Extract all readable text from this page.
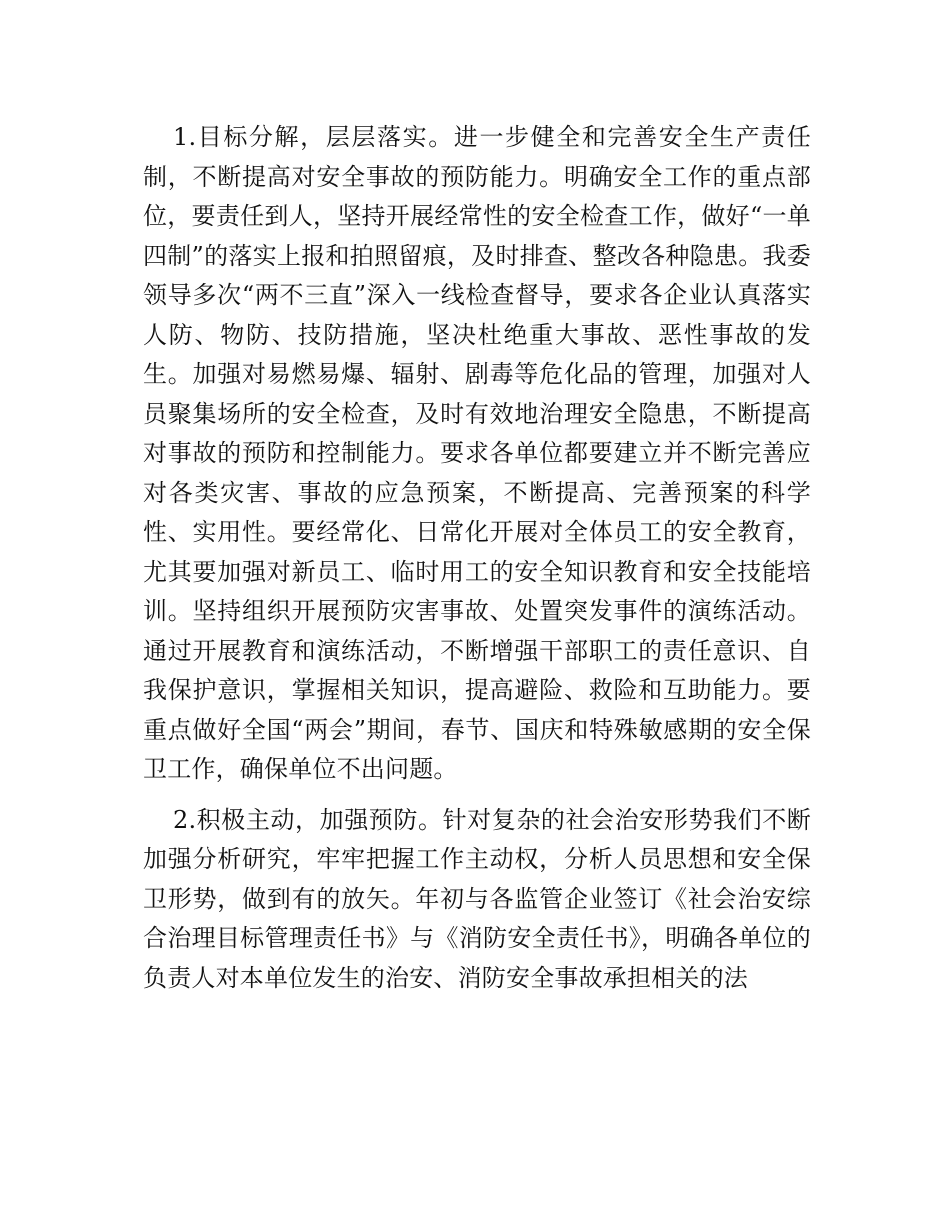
1.目标分解，层层落实。进一步健全和完善安全生产责任制，不断提高对安全事故的预防能力。明确安全工作的重点部位，要责任到人，坚持开展经常性的安全检查工作，做好“一单四制”的落实上报和拍照留痕，及时排查、整改各种隐患。我委领导多次“两不三直”深入一线检查督导，要求各企业认真落实人防、物防、技防措施，坚决杜绝重大事故、恶性事故的发生。加强对易燃易爆、辐射、剧毒等危化品的管理，加强对人员聚集场所的安全检查，及时有效地治理安全隐患，不断提高对事故的预防和控制能力。要求各单位都要建立并不断完善应对各类灾害、事故的应急预案，不断提高、完善预案的科学性、实用性。要经常化、日常化开展对全体员工的安全教育，尤其要加强对新员工、临时用工的安全知识教育和安全技能培训。坚持组织开展预防灾害事故、处置突发事件的演练活动。通过开展教育和演练活动，不断增强干部职工的责任意识、自我保护意识，掌握相关知识，提高避险、救险和互助能力。要重点做好全国“两会”期间，春节、国庆和特殊敏感期的安全保卫工作，确保单位不出问题。

2.积极主动，加强预防。针对复杂的社会治安形势我们不断加强分析研究，牢牢把握工作主动权，分析人员思想和安全保卫形势，做到有的放矢。年初与各监管企业签订《社会治安综合治理目标管理责任书》与《消防安全责任书》，明确各单位的负责人对本单位发生的治安、消防安全事故承担相关的法
